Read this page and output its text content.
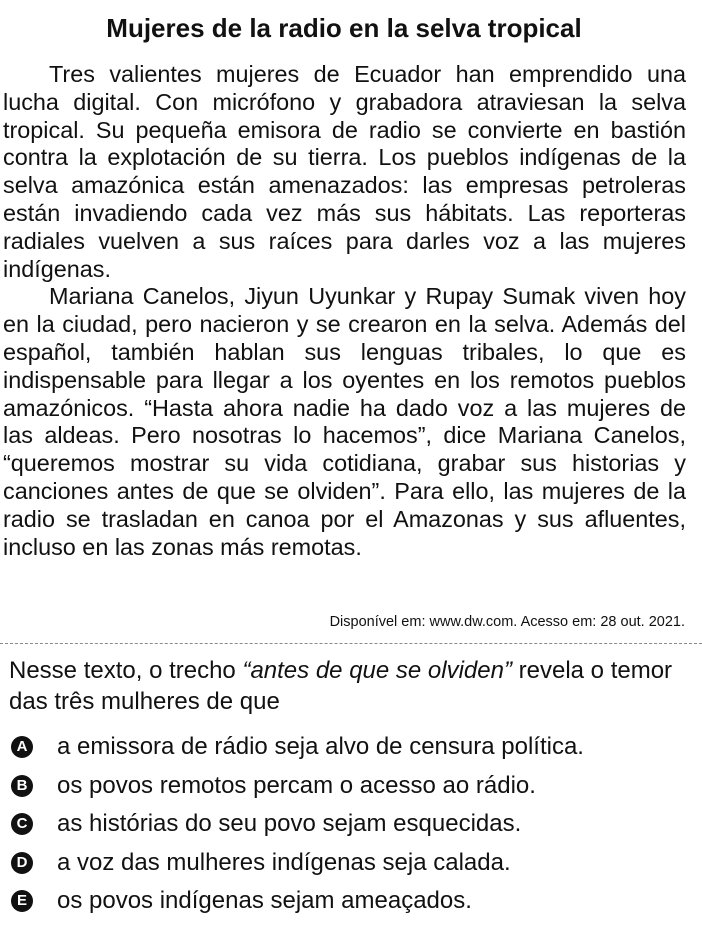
Mujeres de la radio en la selva tropical

Tres valientes mujeres de Ecuador han emprendido una lucha digital. Con micrófono y grabadora atraviesan la selva tropical. Su pequeña emisora de radio se convierte en bastión contra la explotación de su tierra. Los pueblos indígenas de la selva amazónica están amenazados: las empresas petroleras están invadiendo cada vez más sus hábitats. Las reporteras radiales vuelven a sus raíces para darles voz a las mujeres indígenas.

Mariana Canelos, Jiyun Uyunkar y Rupay Sumak viven hoy en la ciudad, pero nacieron y se crearon en la selva. Además del español, también hablan sus lenguas tribales, lo que es indispensable para llegar a los oyentes en los remotos pueblos amazónicos. “Hasta ahora nadie ha dado voz a las mujeres de las aldeas. Pero nosotras lo hacemos”, dice Mariana Canelos, “queremos mostrar su vida cotidiana, grabar sus historias y canciones antes de que se olviden”. Para ello, las mujeres de la radio se trasladan en canoa por el Amazonas y sus afluentes, incluso en las zonas más remotas.

Disponível em: www.dw.com. Acesso em: 28 out. 2021.

Nesse texto, o trecho “antes de que se olviden” revela o temor das três mulheres de que

A a emissora de rádio seja alvo de censura política.
B os povos remotos percam o acesso ao rádio.
C as histórias do seu povo sejam esquecidas.
D a voz das mulheres indígenas seja calada.
E os povos indígenas sejam ameaçados.
